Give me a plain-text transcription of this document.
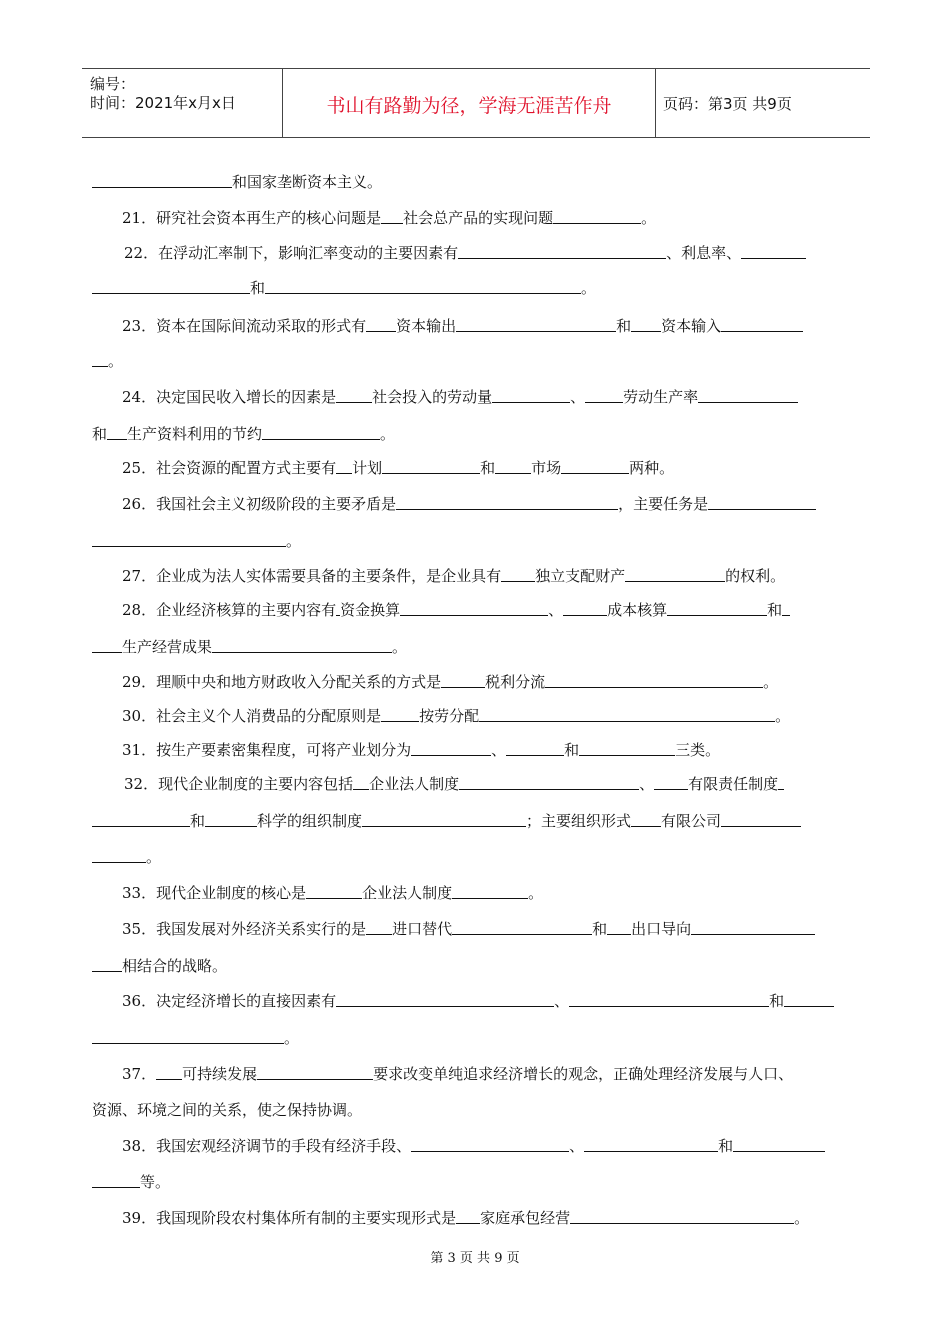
编号：
时间：2021年x月x日	书山有路勤为径，学海无涯苦作舟	页码：第3页 共9页
和国家垄断资本主义。
21．研究社会资本再生产的核心问题是 社会总产品的实现问题	。
22．在浮动汇率制下，影响汇率变动的主要因素有	、利息率、
和	。
23．资本在国际间流动采取的形式有 资本输出	和 资本输入
。
24．决定国民收入增长的因素是 社会投入的劳动量	、	劳动生产率
和 生产资料利用的节约	。
25．社会资源的配置方式主要有 计划	和 市场	两种。
26．我国社会主义初级阶段的主要矛盾是	，主要任务是
。
27．企业成为法人实体需要具备的主要条件，是企业具有 独立支配财产	的权利。
28．企业经济核算的主要内容有 资金换算	、	成本核算	和
生产经营成果	。
29．理顺中央和地方财政收入分配关系的方式是	税利分流	。
30．社会主义个人消费品的分配原则是	按劳分配	。
31．按生产要素密集程度，可将产业划分为	、	和	三类。
32．现代企业制度的主要内容包括 企业法人制度	、 有限责任制度
和	科学的组织制度	；主要组织形式 有限公司
。
33．现代企业制度的核心是	企业法人制度	。
35．我国发展对外经济关系实行的是 进口替代	和 出口导向
相结合的战略。
36．决定经济增长的直接因素有	、	和
。
37． 可持续发展	要求改变单纯追求经济增长的观念，正确处理经济发展与人口、
资源、环境之间的关系，使之保持协调。
38．我国宏观经济调节的手段有经济手段、	、	和
等。
39．我国现阶段农村集体所有制的主要实现形式是 家庭承包经营	。
第 3 页 共 9 页
